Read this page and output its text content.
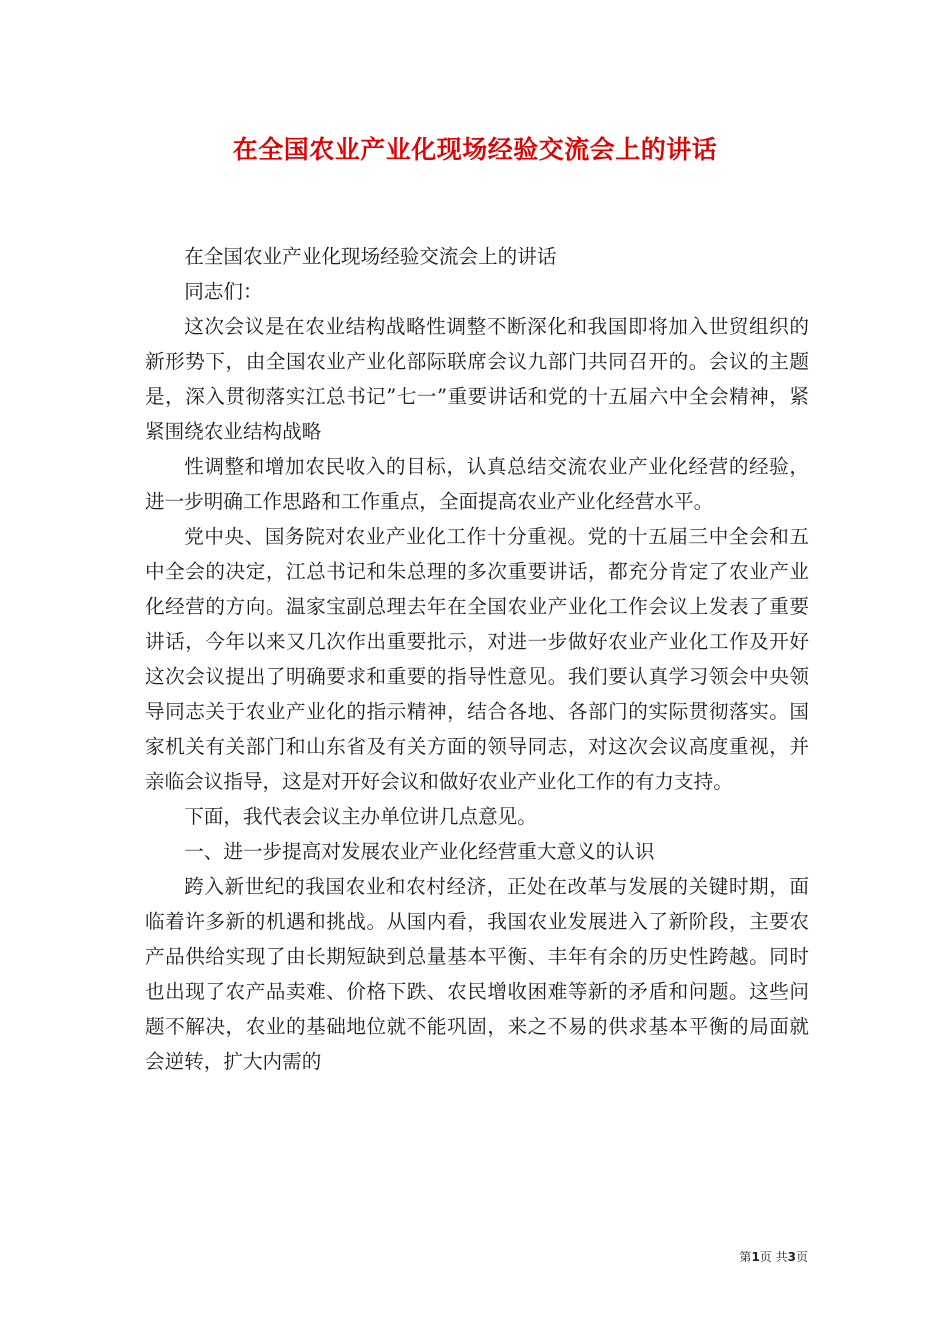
在全国农业产业化现场经验交流会上的讲话

在全国农业产业化现场经验交流会上的讲话

同志们：

这次会议是在农业结构战略性调整不断深化和我国即将加入世贸组织的新形势下，由全国农业产业化部际联席会议九部门共同召开的。会议的主题是，深入贯彻落实江总书记”七一”重要讲话和党的十五届六中全会精神，紧紧围绕农业结构战略

性调整和增加农民收入的目标，认真总结交流农业产业化经营的经验，进一步明确工作思路和工作重点，全面提高农业产业化经营水平。

党中央、国务院对农业产业化工作十分重视。党的十五届三中全会和五中全会的决定，江总书记和朱总理的多次重要讲话，都充分肯定了农业产业化经营的方向。温家宝副总理去年在全国农业产业化工作会议上发表了重要讲话，今年以来又几次作出重要批示，对进一步做好农业产业化工作及开好这次会议提出了明确要求和重要的指导性意见。我们要认真学习领会中央领导同志关于农业产业化的指示精神，结合各地、各部门的实际贯彻落实。国家机关有关部门和山东省及有关方面的领导同志，对这次会议高度重视，并亲临会议指导，这是对开好会议和做好农业产业化工作的有力支持。

下面，我代表会议主办单位讲几点意见。

一、进一步提高对发展农业产业化经营重大意义的认识

跨入新世纪的我国农业和农村经济，正处在改革与发展的关键时期，面临着许多新的机遇和挑战。从国内看，我国农业发展进入了新阶段，主要农产品供给实现了由长期短缺到总量基本平衡、丰年有余的历史性跨越。同时也出现了农产品卖难、价格下跌、农民增收困难等新的矛盾和问题。这些问题不解决，农业的基础地位就不能巩固，来之不易的供求基本平衡的局面就会逆转，扩大内需的

第1页 共3页
